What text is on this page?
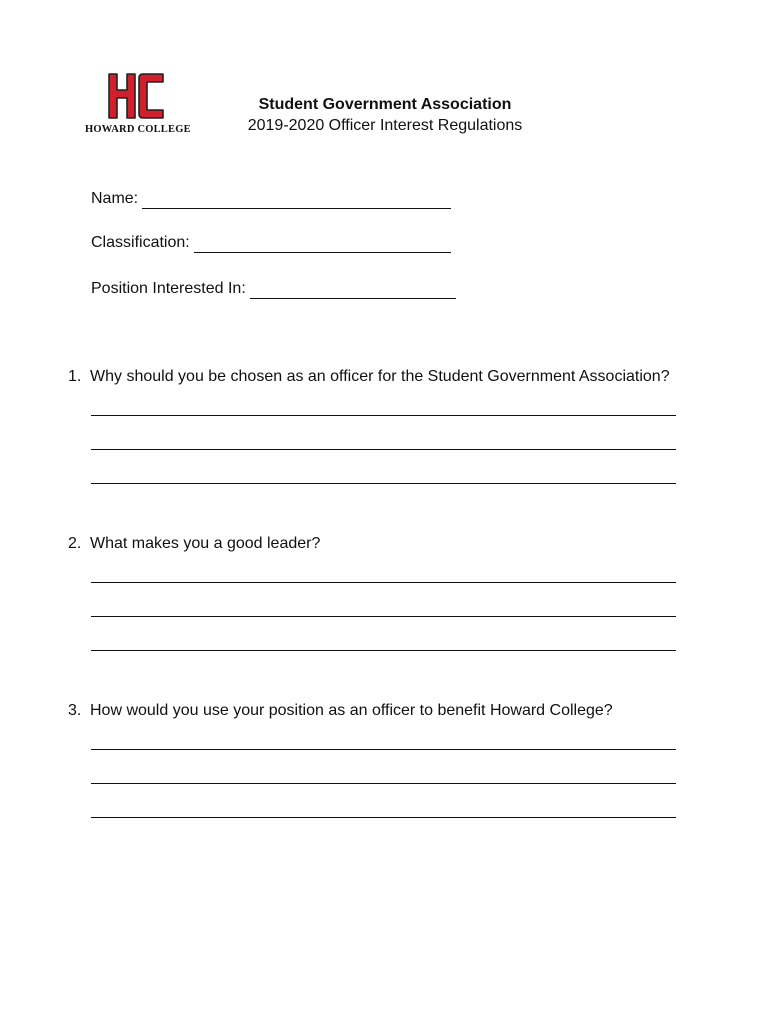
HOWARD COLLEGE
Student Government Association
2019-2020 Officer Interest Regulations
Name:
Classification:
Position Interested In:
1. Why should you be chosen as an officer for the Student Government Association?
2. What makes you a good leader?
3. How would you use your position as an officer to benefit Howard College?
